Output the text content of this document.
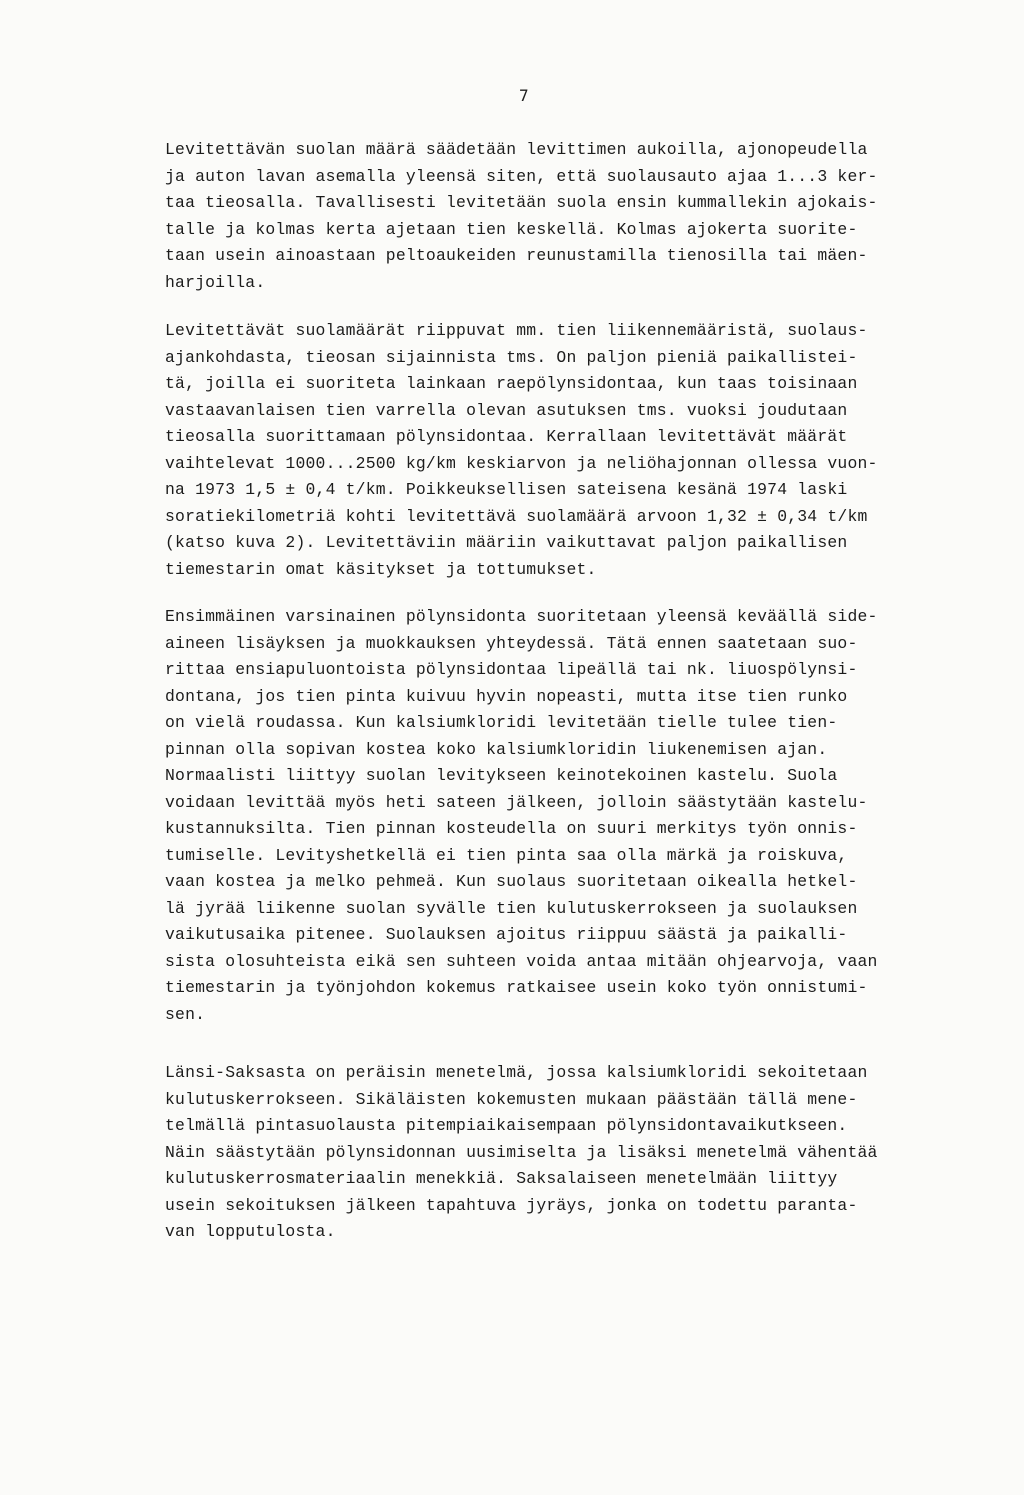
7
Levitettävän suolan määrä säädetään levittimen aukoilla, ajonopeudella
ja auton lavan asemalla yleensä siten, että suolausauto ajaa 1...3 ker-
taa tieosalla. Tavallisesti levitetään suola ensin kummallekin ajokais-
talle ja kolmas kerta ajetaan tien keskellä. Kolmas ajokerta suorite-
taan usein ainoastaan peltoaukeiden reunustamilla tienosilla tai mäen-
harjoilla.
Levitettävät suolamäärät riippuvat mm. tien liikennemääristä, suolaus-
ajankohdasta, tieosan sijainnista tms. On paljon pieniä paikallistei-
tä, joilla ei suoriteta lainkaan raepölynsidontaa, kun taas toisinaan
vastaavanlaisen tien varrella olevan asutuksen tms. vuoksi joudutaan
tieosalla suorittamaan pölynsidontaa. Kerrallaan levitettävät määrät
vaihtelevat 1000...2500 kg/km keskiarvon ja neliöhajonnan ollessa vuon-
na 1973 1,5 ± 0,4 t/km. Poikkeuksellisen sateisena kesänä 1974 laski
soratiekilometriä kohti levitettävä suolamäärä arvoon 1,32 ± 0,34 t/km
(katso kuva 2). Levitettäviin määriin vaikuttavat paljon paikallisen
tiemestarin omat käsitykset ja tottumukset.
Ensimmäinen varsinainen pölynsidonta suoritetaan yleensä keväällä side-
aineen lisäyksen ja muokkauksen yhteydessä. Tätä ennen saatetaan suo-
rittaa ensiapuluontoista pölynsidontaa lipeällä tai nk. liuospölynsi-
dontana, jos tien pinta kuivuu hyvin nopeasti, mutta itse tien runko
on vielä roudassa. Kun kalsiumkloridi levitetään tielle tulee tien-
pinnan olla sopivan kostea koko kalsiumkloridin liukenemisen ajan.
Normaalisti liittyy suolan levitykseen keinotekoinen kastelu. Suola
voidaan levittää myös heti sateen jälkeen, jolloin säästytään kastelu-
kustannuksilta. Tien pinnan kosteudella on suuri merkitys työn onnis-
tumiselle. Levityshetkellä ei tien pinta saa olla märkä ja roiskuva,
vaan kostea ja melko pehmeä. Kun suolaus suoritetaan oikealla hetkel-
lä jyrää liikenne suolan syvälle tien kulutuskerrokseen ja suolauksen
vaikutusaika pitenee. Suolauksen ajoitus riippuu säästä ja paikalli-
sista olosuhteista eikä sen suhteen voida antaa mitään ohjearvoja, vaan
tiemestarin ja työnjohdon kokemus ratkaisee usein koko työn onnistumi-
sen.
Länsi-Saksasta on peräisin menetelmä, jossa kalsiumkloridi sekoitetaan
kulutuskerrokseen. Sikäläisten kokemusten mukaan päästään tällä mene-
telmällä pintasuolausta pitempiaikaisempaan pölynsidontavaikutkseen.
Näin säästytään pölynsidonnan uusimiselta ja lisäksi menetelmä vähentää
kulutuskerrosmateriaalin menekkiä. Saksalaiseen menetelmään liittyy
usein sekoituksen jälkeen tapahtuva jyräys, jonka on todettu paranta-
van lopputulosta.
